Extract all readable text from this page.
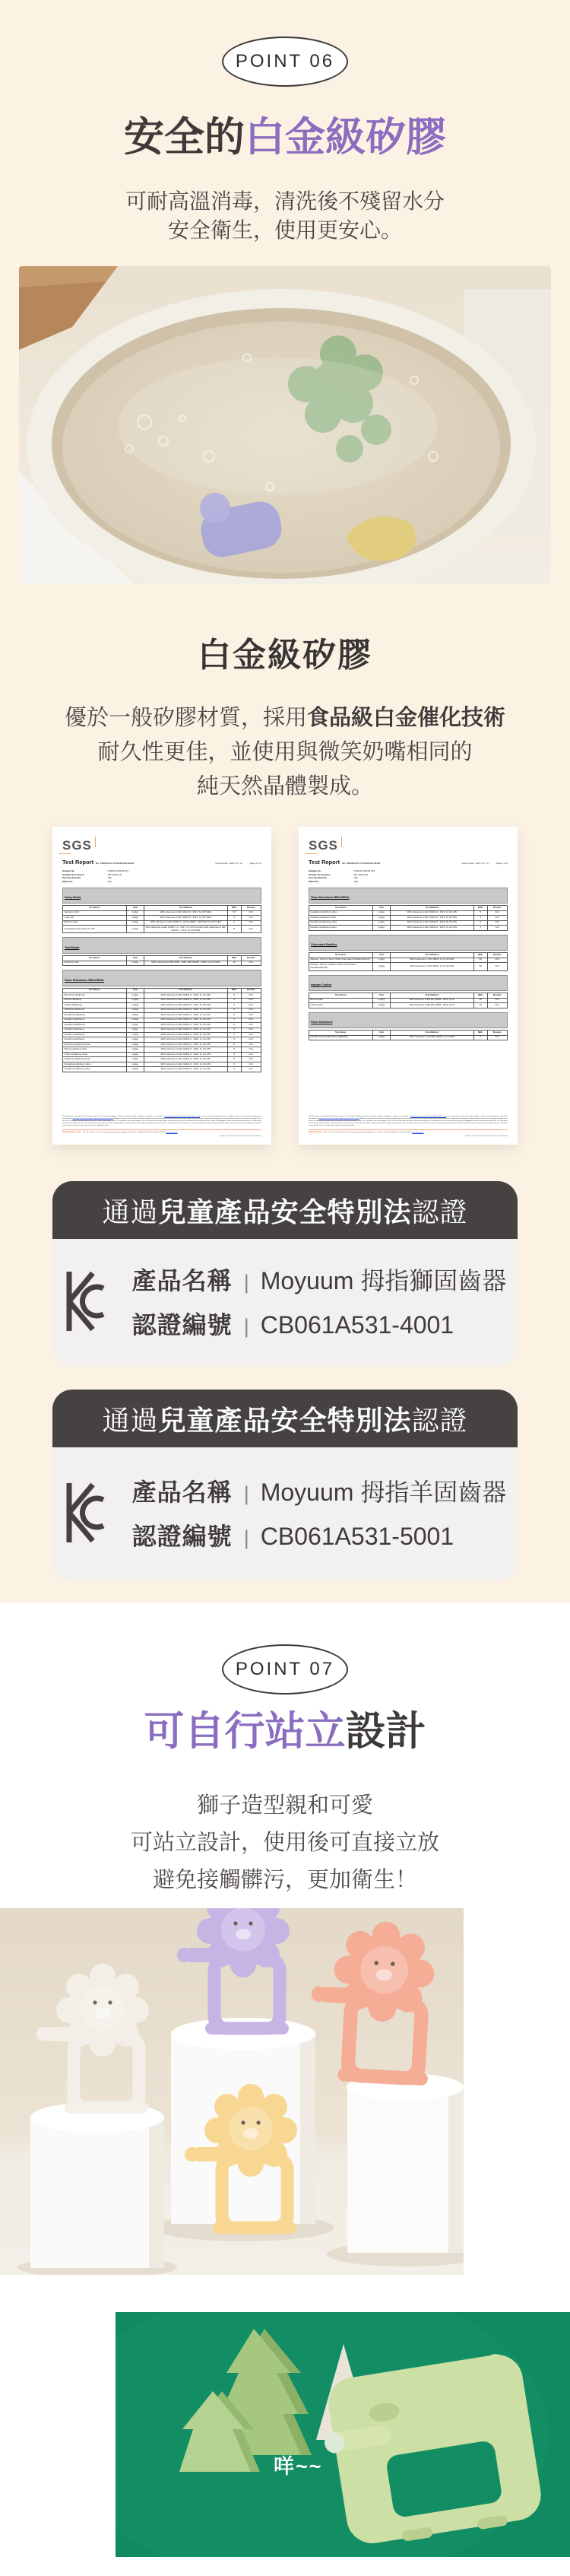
POINT 06
安全的白金級矽膠
可耐高溫消毒，清洗後不殘留水分
安全衛生，使用更安心。
白金級矽膠

優於一般矽膠材質，採用食品級白金催化技術
耐久性更佳，並使用與微笑奶嘴相同的
純天然晶體製成。

SGS
Test Report No. F690101/LF-CTSAXRA23-29195	Issued Date : 2023. 07. 14	Page 2 of 9
Sample No.	: AXRA23-29195.001
Sample Description	: HR-1951U(T)
Item No./Part No.	: N/A
Materials	: N/A
Heavy Metals
Test Items	Unit	Test Method	MDL	Results
Cadmium (Cd)	mg/kg	With reference to IEC 62321-5 : 2013, by ICP-OES	0.5	N.D.
Lead (Pb)	mg/kg	With reference to IEC 62321-5 : 2013, by ICP-OES	5	N.D.
Mercury (Hg)	mg/kg	With reference to IEC 62321-4 : 2013+AMD1 : 2017CSV, by ICP-OES	2	N.D.
Hexavalent Chromium (Cr VI)*	mg/kg	With reference to IEC 62321-7-2 : 2017, by UV-Vis and/or with reference to IEC 62321-5 : 2013, by ICP-OES	8	N.D.
Total Metals
Test Items	Unit	Test Method	MDL	Results
Antimony (Sb)	mg/kg	With reference to EPA 3052 : 1996, EPA 6010D : 2018, by ICP-OES	10	N.D.
Flame Retardants -PBBs/PBDEs
Test Items	Unit	Test Method	MDL	Results
Monobromobiphenyl	mg/kg	With reference to IEC 62321-6 : 2015, by GC-MS	5	N.D.
Dibromobiphenyl	mg/kg	With reference to IEC 62321-6 : 2015, by GC-MS	5	N.D.
Tribromobiphenyl	mg/kg	With reference to IEC 62321-6 : 2015, by GC-MS	5	N.D.
Tetrabromobiphenyl	mg/kg	With reference to IEC 62321-6 : 2015, by GC-MS	5	N.D.
Pentabromobiphenyl	mg/kg	With reference to IEC 62321-6 : 2015, by GC-MS	5	N.D.
Hexabromobiphenyl	mg/kg	With reference to IEC 62321-6 : 2015, by GC-MS	5	N.D.
Heptabromobiphenyl	mg/kg	With reference to IEC 62321-6 : 2015, by GC-MS	5	N.D.
Octabromobiphenyl	mg/kg	With reference to IEC 62321-6 : 2015, by GC-MS	5	N.D.
Nonabromobiphenyl	mg/kg	With reference to IEC 62321-6 : 2015, by GC-MS	5	N.D.
Decabromobiphenyl	mg/kg	With reference to IEC 62321-6 : 2015, by GC-MS	5	N.D.
Monobromodiphenyl ether	mg/kg	With reference to IEC 62321-6 : 2015, by GC-MS	5	N.D.
Dibromodiphenyl ether	mg/kg	With reference to IEC 62321-6 : 2015, by GC-MS	5	N.D.
Tribromodiphenyl ether	mg/kg	With reference to IEC 62321-6 : 2015, by GC-MS	5	N.D.
Tetrabromodiphenyl ether	mg/kg	With reference to IEC 62321-6 : 2015, by GC-MS	5	N.D.
Pentabromodiphenyl ether	mg/kg	With reference to IEC 62321-6 : 2015, by GC-MS	5	N.D.
Hexabromodiphenyl ether	mg/kg	With reference to IEC 62321-6 : 2015, by GC-MS	5	N.D.
This document is issued by the Company subject to its General Conditions of Service printed overleaf, available on request or accessible at http://www.sgs.com/en/Terms-and-Conditions.aspx and, for electronic format documents, subject to Terms and Conditions for Electronic Documents at www.sgs.com/en/terms-and-conditions/terms-e-document. Attention is drawn to the limitation of liability, indemnification and jurisdiction issues defined therein. Any holder of this document is advised that information contained hereon reflects the Company's findings at the time of its intervention only and within the limits of client's instruction, if any. The Company's sole responsibility is to its Client and this document does not exonerate parties to a transaction from exercising all their rights and obligations under the transaction documents. This document cannot be reproduced except in full, without prior written approval of the Company. Any unauthorized alteration, forgery or falsification of the content or appearance of this document is unlawful and offenders may be prosecuted to the fullest extent of the law. Unless otherwise stated the results shown in this test report refer only to the sample(s) tested.
SGS Korea Co., Ltd. 322, The O valley, 76, LS-ro, Dongan-gu, Anyang-si, Gyeonggi-do, Korea 14117 t +82 (0)31 4608 000 f +82 (0)31 4608 059 www.sgsgroup.kr
Member of the SGS Group (Société Générale de Surveillance)
SGS
Test Report No. F690101/LF-CTSAXRA23-29195	Issued Date : 2023. 07. 14	Page 3 of 9
Sample No.	: AXRA23-29195.001
Sample Description	: HR-1951U(T)
Item No./Part No.	: N/A
Materials	: N/A
Flame Retardants-PBBs/PBDEs
Test Items	Unit	Test Method	MDL	Results
Heptabromodiphenyl ether	mg/kg	With reference to IEC 62321-6 : 2015, by GC-MS	5	N.D.
Octabromodiphenyl ether	mg/kg	With reference to IEC 62321-6 : 2015, by GC-MS	5	N.D.
Nonabromodiphenyl ether	mg/kg	With reference to IEC 62321-6 : 2015, by GC-MS	5	N.D.
Decabromodiphenyl ether	mg/kg	With reference to IEC 62321-6 : 2015, by GC-MS	5	N.D.
Chlorinated Paraffins
Test Items	Unit	Test Method	MDL	Results
Alkanes, C10-13, Short Chain Chlorinated Paraffins(SCCP)	mg/kg	With reference to ISO 18219, by CI-GC-MS	50	N.D.
Alkanes, C14-17, Medium Chain Chlorinated Paraffins(MCCP)	mg/kg	With reference to ISO 18219, by CI-GC-MS	50	N.D.
Halogen Content
Test Items	Unit	Test Method	MDL	Results
Bromine(Br)	mg/kg	With reference to BS EN 14582 : 2016, by IC	30	N.D.
Chlorine(Cl)	mg/kg	With reference to BS EN 14582 : 2016, by IC	30	N.D.
Flame Retardents
Test Items	Unit	Test Method	MDL	Results
Hexabromocyclododecane (HBCDD)	mg/kg	With reference to US EPA 3540C, by LC/MS	5	N.D.
This document is issued by the Company subject to its General Conditions of Service printed overleaf, available on request or accessible at http://www.sgs.com/en/Terms-and-Conditions.aspx and, for electronic format documents, subject to Terms and Conditions for Electronic Documents at www.sgs.com/en/terms-and-conditions/terms-e-document. Attention is drawn to the limitation of liability, indemnification and jurisdiction issues defined therein. Any holder of this document is advised that information contained hereon reflects the Company's findings at the time of its intervention only and within the limits of client's instruction, if any. The Company's sole responsibility is to its Client and this document does not exonerate parties to a transaction from exercising all their rights and obligations under the transaction documents. This document cannot be reproduced except in full, without prior written approval of the Company. Any unauthorized alteration, forgery or falsification of the content or appearance of this document is unlawful and offenders may be prosecuted to the fullest extent of the law. Unless otherwise stated the results shown in this test report refer only to the sample(s) tested.
SGS Korea Co., Ltd. 322, The O valley, 76, LS-ro, Dongan-gu, Anyang-si, Gyeonggi-do, Korea 14117 t +82 (0)31 4608 000 f +82 (0)31 4608 059 www.sgsgroup.kr
Member of the SGS Group (Société Générale de Surveillance)
通過 兒童產品安全特別法 認證
產品名稱 | Moyuum 拇指獅固齒器
認證編號 | CB061A531-4001
通過 兒童產品安全特別法 認證
產品名稱 | Moyuum 拇指羊固齒器
認證編號 | CB061A531-5001
POINT 07
可自行站立設計
獅子造型親和可愛
可站立設計，使用後可直接立放
避免接觸髒污，更加衛生！
咩~~
